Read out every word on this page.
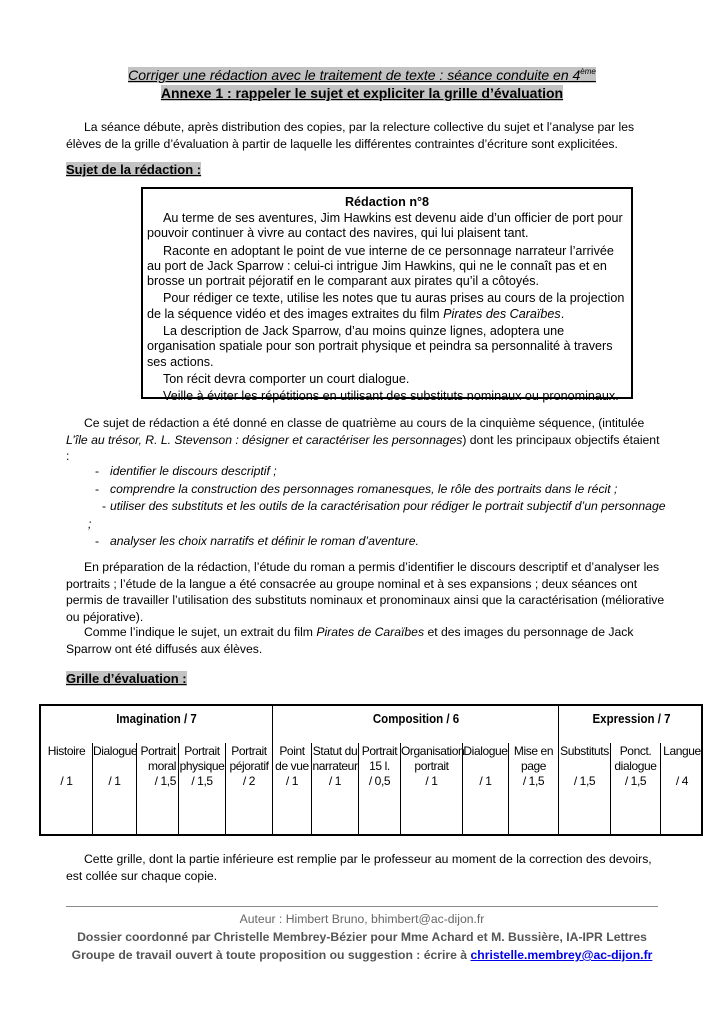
Corriger une rédaction avec le traitement de texte : séance conduite en 4ème
Annexe 1 : rappeler le sujet et expliciter la grille d’évaluation
La séance débute, après distribution des copies, par la relecture collective du sujet et l’analyse par les élèves de la grille d’évaluation à partir de laquelle les différentes contraintes d’écriture sont explicitées.
Sujet de la rédaction :
Rédaction n°8

Au terme de ses aventures, Jim Hawkins est devenu aide d’un officier de port pour pouvoir continuer à vivre au contact des navires, qui lui plaisent tant.

Raconte en adoptant le point de vue interne de ce personnage narrateur l’arrivée au port de Jack Sparrow : celui-ci intrigue Jim Hawkins, qui ne le connaît pas et en brosse un portrait péjoratif en le comparant aux pirates qu’il a côtoyés.

Pour rédiger ce texte, utilise les notes que tu auras prises au cours de la projection de la séquence vidéo et des images extraites du film Pirates des Caraïbes.

La description de Jack Sparrow, d’au moins quinze lignes, adoptera une organisation spatiale pour son portrait physique et peindra sa personnalité à travers ses actions.

Ton récit devra comporter un court dialogue.

Veille à éviter les répétitions en utilisant des substituts nominaux ou pronominaux.

Ce sujet de rédaction a été donné en classe de quatrième au cours de la cinquième séquence, (intitulée L’île au trésor, R. L. Stevenson : désigner et caractériser les personnages) dont les principaux objectifs étaient :
- identifier le discours descriptif ;
- comprendre la construction des personnages romanesques, le rôle des portraits dans le récit ;
- utiliser des substituts et les outils de la caractérisation pour rédiger le portrait subjectif d’un personnage ;
- analyser les choix narratifs et définir le roman d’aventure.
En préparation de la rédaction, l’étude du roman a permis d’identifier le discours descriptif et d’analyser les portraits ; l’étude de la langue a été consacrée au groupe nominal et à ses expansions ; deux séances ont permis de travailler l’utilisation des substituts nominaux et pronominaux ainsi que la caractérisation (méliorative ou péjorative).
Comme l’indique le sujet, un extrait du film Pirates de Caraïbes et des images du personnage de Jack Sparrow ont été diffusés aux élèves.
Grille d’évaluation :
Imagination / 7	Composition / 6	Expression / 7
Histoire
/ 1
Dialogue
/ 1
Portrait moral
/ 1,5
Portrait physique
/ 1,5
Portrait péjoratif
/ 2
Point de vue
/ 1
Statut du narrateur
/ 1
Portrait 15 l.
/ 0,5
Organisation portrait
/ 1
Dialogue
/ 1
Mise en page
/ 1,5
Substituts
/ 1,5
Ponct. dialogue
/ 1,5
Langue
/ 4
Cette grille, dont la partie inférieure est remplie par le professeur au moment de la correction des devoirs, est collée sur chaque copie.
Auteur : Himbert Bruno, bhimbert@ac-dijon.fr
Dossier coordonné par Christelle Membrey-Bézier pour Mme Achard et M. Bussière, IA-IPR Lettres
Groupe de travail ouvert à toute proposition ou suggestion : écrire à christelle.membrey@ac-dijon.fr
